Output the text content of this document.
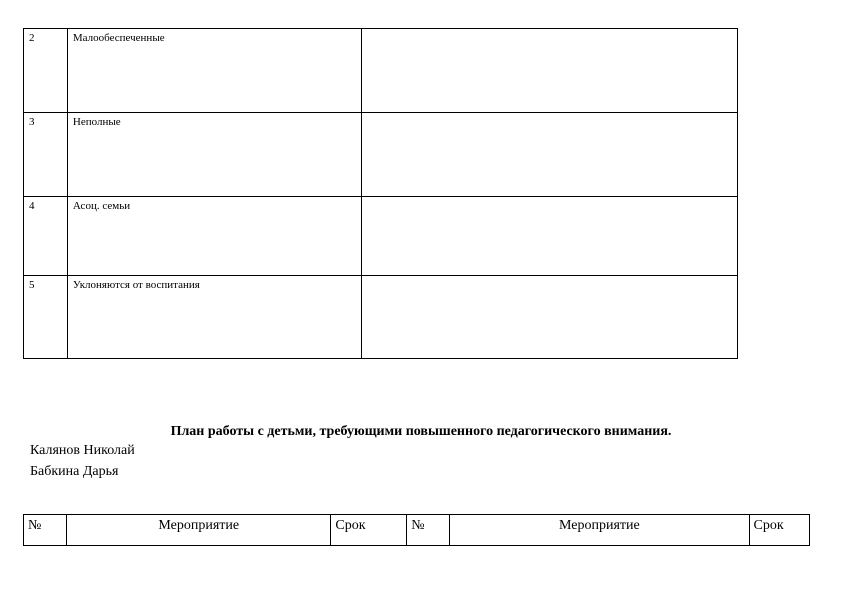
2	Малообеспеченные	
3	Неполные	
4	Асоц. семьи	
5	Уклоняются от воспитания	
План работы с детьми, требующими повышенного педагогического внимания.
Калянов Николай
Бабкина Дарья
№	Мероприятие	Срок	№	Мероприятие	Срок
